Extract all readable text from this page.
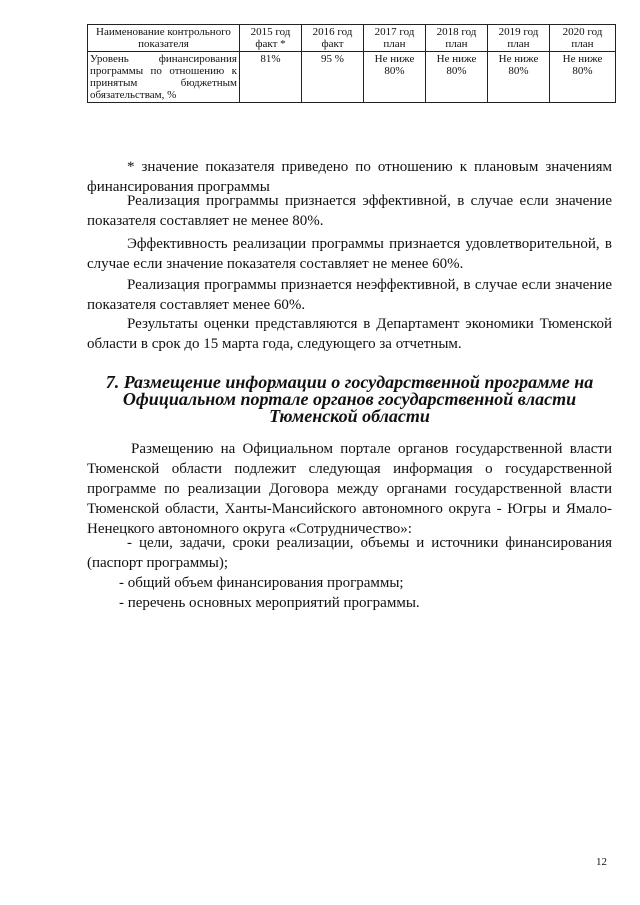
Наименование контрольного показателя	2015 год факт *	2016 год факт	2017 год план	2018 год план	2019 год план	2020 год план
Уровень финансирования программы по отношению к принятым бюджетным обязательствам, %	81%	95 %	Не ниже 80%	Не ниже 80%	Не ниже 80%	Не ниже 80%

* значение показателя приведено по отношению к плановым значениям финансирования программы

Реализация программы признается эффективной, в случае если значение показателя составляет не менее 80%.

Эффективность реализации программы признается удовлетворительной, в случае если значение показателя составляет не менее 60%.

Реализация программы признается неэффективной, в случае если значение показателя составляет менее 60%.

Результаты оценки представляются в Департамент экономики Тюменской области в срок до 15 марта года, следующего за отчетным.

7. Размещение информации о государственной программе на Официальном портале органов государственной власти Тюменской области

Размещению на Официальном портале органов государственной власти Тюменской области подлежит следующая информация о государственной программе по реализации Договора между органами государственной власти Тюменской области, Ханты-Мансийского автономного округа - Югры и Ямало-Ненецкого автономного округа «Сотрудничество»:

- цели, задачи, сроки реализации, объемы и источники финансирования (паспорт программы);
- общий объем финансирования программы;
- перечень основных мероприятий программы.
12
